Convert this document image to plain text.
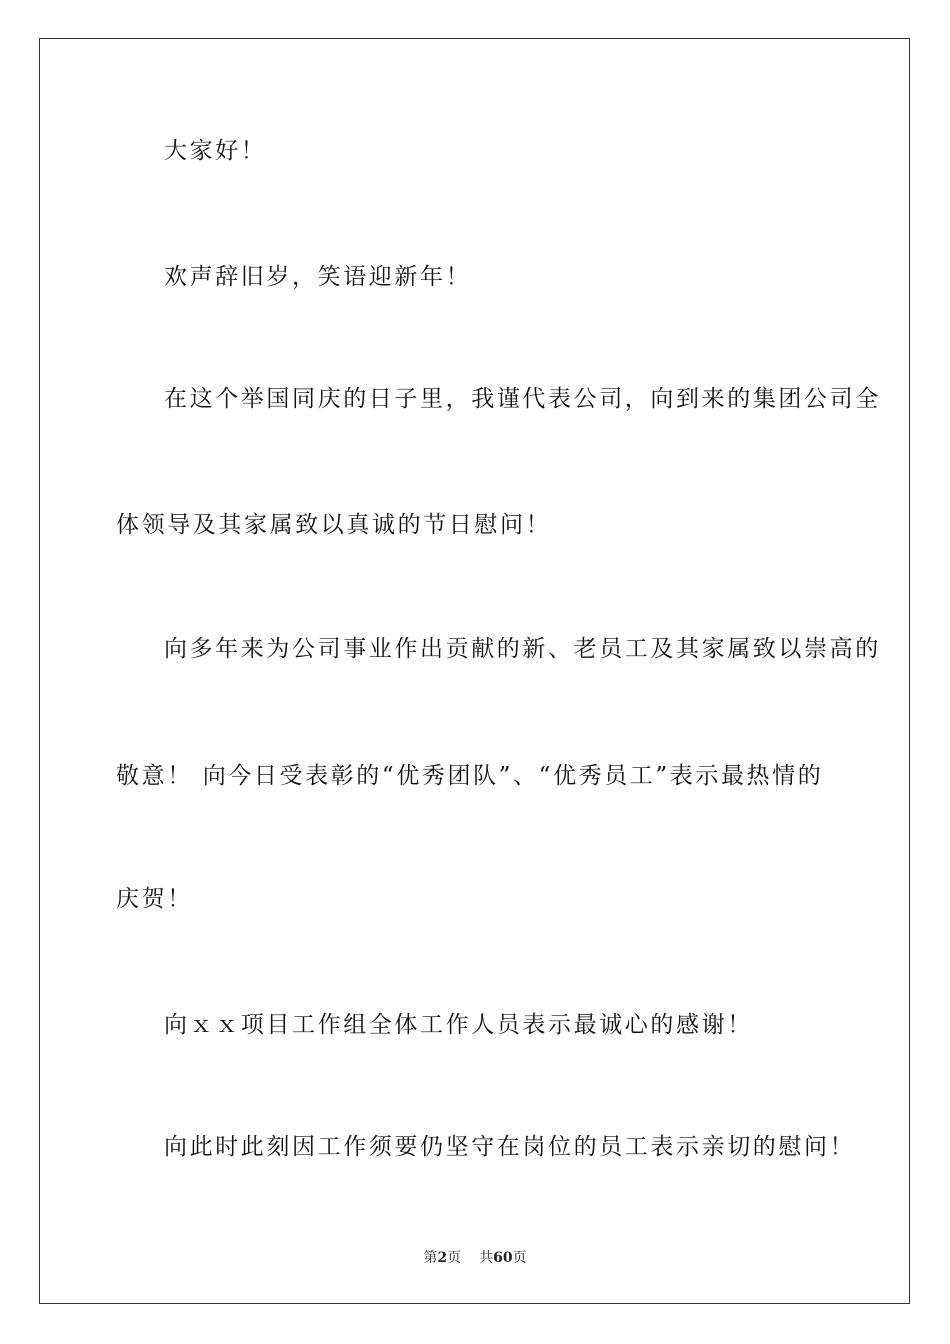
大家好！
欢声辞旧岁，笑语迎新年！
在这个举国同庆的日子里，我谨代表公司，向到来的集团公司全
体领导及其家属致以真诚的节日慰问！
向多年来为公司事业作出贡献的新、老员工及其家属致以崇高的
敬意！ 向今日受表彰的“优秀团队”、“优秀员工”表示最热情的
庆贺！
向ｘｘ项目工作组全体工作人员表示最诚心的感谢！
向此时此刻因工作须要仍坚守在岗位的员工表示亲切的慰问！
第2页 共60页
